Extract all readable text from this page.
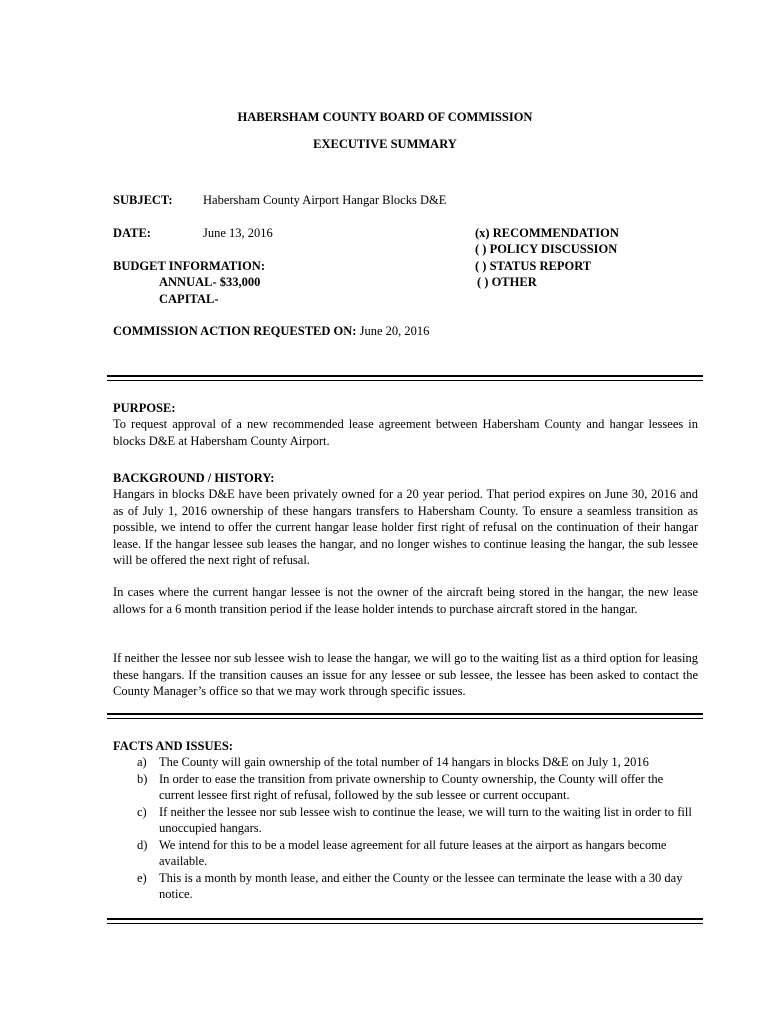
HABERSHAM COUNTY BOARD OF COMMISSION
EXECUTIVE SUMMARY
SUBJECT: Habersham County Airport Hangar Blocks D&E
DATE:	June 13, 2016
BUDGET INFORMATION:
ANNUAL- $33,000
CAPITAL-
(x) RECOMMENDATION
( ) POLICY DISCUSSION
( ) STATUS REPORT
( ) OTHER
COMMISSION ACTION REQUESTED ON: June 20, 2016
PURPOSE:
To request approval of a new recommended lease agreement between Habersham County and hangar lessees in blocks D&E at Habersham County Airport.
BACKGROUND / HISTORY:
Hangars in blocks D&E have been privately owned for a 20 year period. That period expires on June 30, 2016 and as of July 1, 2016 ownership of these hangars transfers to Habersham County. To ensure a seamless transition as possible, we intend to offer the current hangar lease holder first right of refusal on the continuation of their hangar lease. If the hangar lessee sub leases the hangar, and no longer wishes to continue leasing the hangar, the sub lessee will be offered the next right of refusal.
In cases where the current hangar lessee is not the owner of the aircraft being stored in the hangar, the new lease allows for a 6 month transition period if the lease holder intends to purchase aircraft stored in the hangar.
If neither the lessee nor sub lessee wish to lease the hangar, we will go to the waiting list as a third option for leasing these hangars. If the transition causes an issue for any lessee or sub lessee, the lessee has been asked to contact the County Manager’s office so that we may work through specific issues.
FACTS AND ISSUES:
a) The County will gain ownership of the total number of 14 hangars in blocks D&E on July 1, 2016
b) In order to ease the transition from private ownership to County ownership, the County will offer the current lessee first right of refusal, followed by the sub lessee or current occupant.
c) If neither the lessee nor sub lessee wish to continue the lease, we will turn to the waiting list in order to fill unoccupied hangars.
d) We intend for this to be a model lease agreement for all future leases at the airport as hangars become available.
e) This is a month by month lease, and either the County or the lessee can terminate the lease with a 30 day notice.
